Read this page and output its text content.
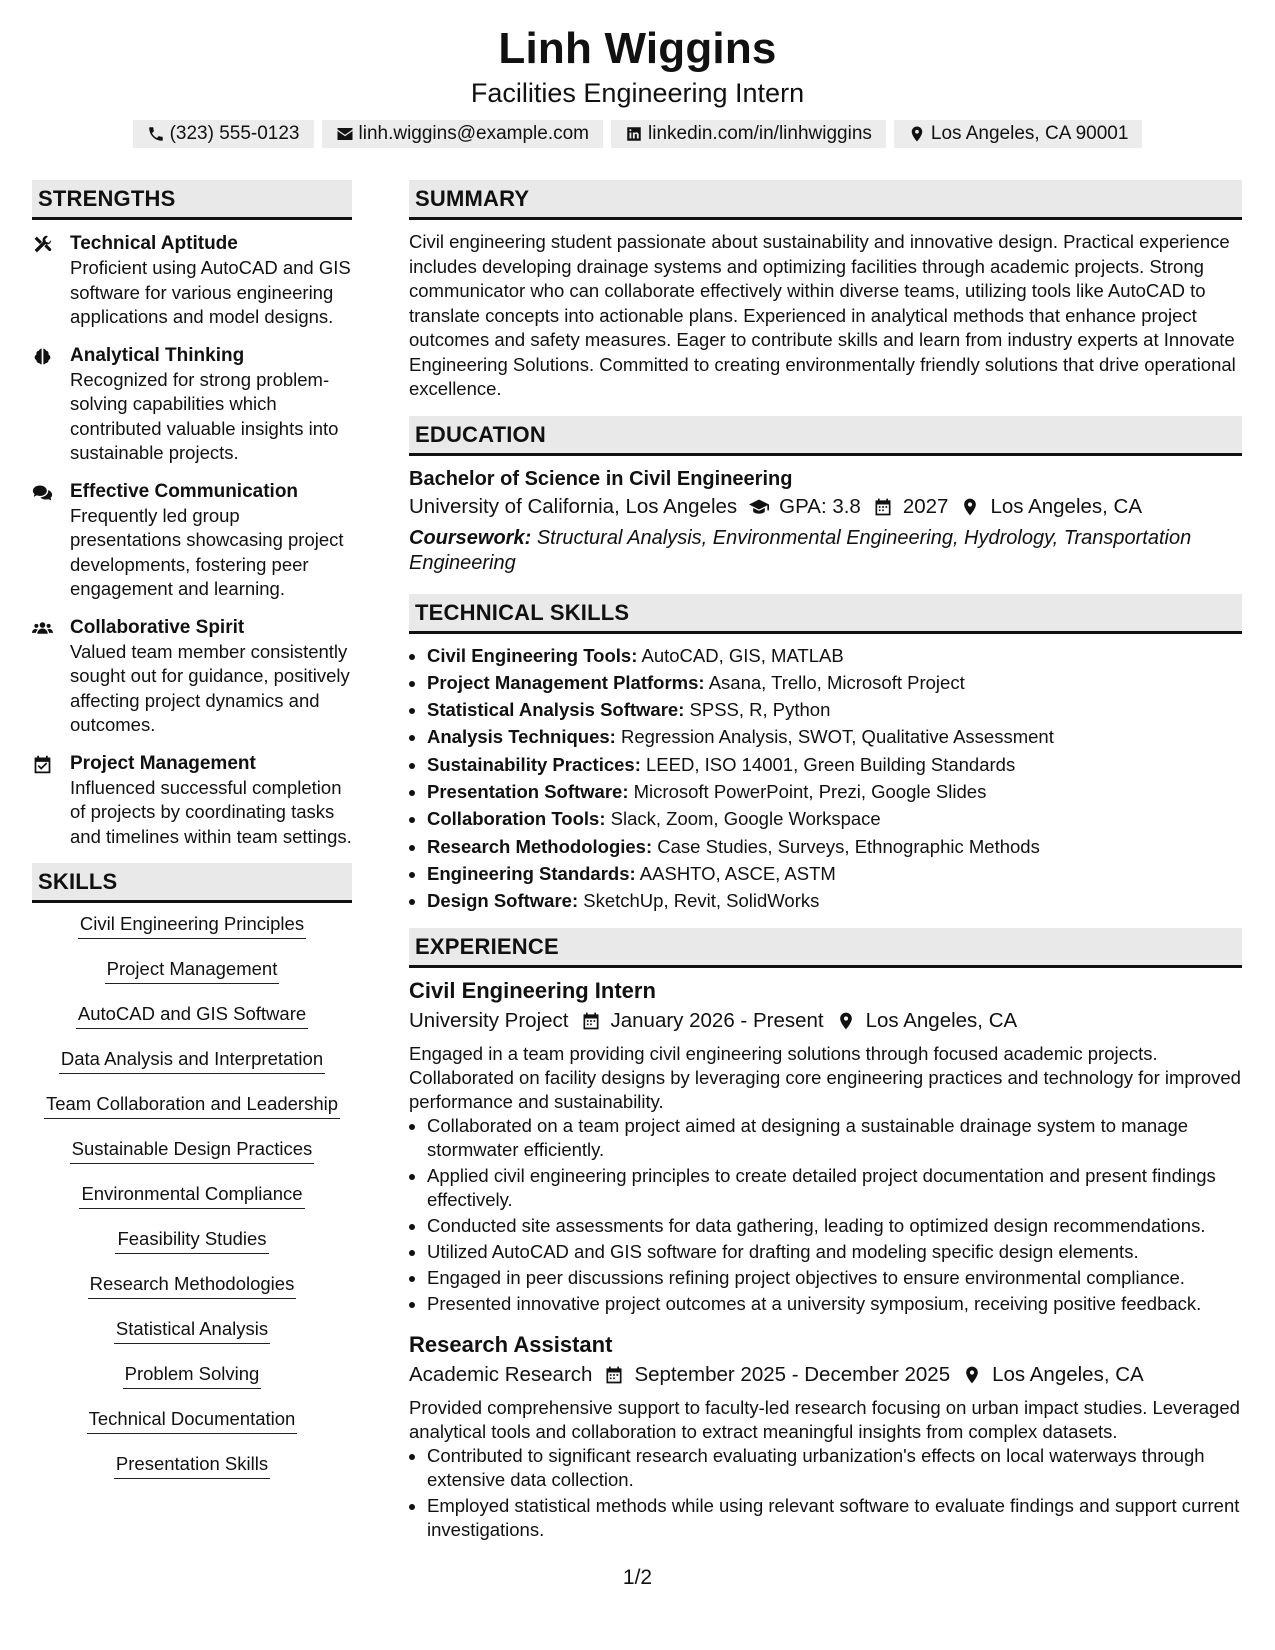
Linh Wiggins
Facilities Engineering Intern
(323) 555-0123	linh.wiggins@example.com	linkedin.com/in/linhwiggins	Los Angeles, CA 90001
STRENGTHS
Technical Aptitude
Proficient using AutoCAD and GIS software for various engineering applications and model designs.
Analytical Thinking
Recognized for strong problem-solving capabilities which contributed valuable insights into sustainable projects.
Effective Communication
Frequently led group presentations showcasing project developments, fostering peer engagement and learning.
Collaborative Spirit
Valued team member consistently sought out for guidance, positively affecting project dynamics and outcomes.
Project Management
Influenced successful completion of projects by coordinating tasks and timelines within team settings.
SKILLS
Civil Engineering Principles
Project Management
AutoCAD and GIS Software
Data Analysis and Interpretation
Team Collaboration and Leadership
Sustainable Design Practices
Environmental Compliance
Feasibility Studies
Research Methodologies
Statistical Analysis
Problem Solving
Technical Documentation
Presentation Skills
SUMMARY

Civil engineering student passionate about sustainability and innovative design. Practical experience includes developing drainage systems and optimizing facilities through academic projects. Strong communicator who can collaborate effectively within diverse teams, utilizing tools like AutoCAD to translate concepts into actionable plans. Experienced in analytical methods that enhance project outcomes and safety measures. Eager to contribute skills and learn from industry experts at Innovate Engineering Solutions. Committed to creating environmentally friendly solutions that drive operational excellence.

EDUCATION
Bachelor of Science in Civil Engineering
University of California, Los Angeles GPA: 3.8 2027 Los Angeles, CA
Coursework: Structural Analysis, Environmental Engineering, Hydrology, Transportation Engineering
TECHNICAL SKILLS
• Civil Engineering Tools: AutoCAD, GIS, MATLAB
• Project Management Platforms: Asana, Trello, Microsoft Project
• Statistical Analysis Software: SPSS, R, Python
• Analysis Techniques: Regression Analysis, SWOT, Qualitative Assessment
• Sustainability Practices: LEED, ISO 14001, Green Building Standards
• Presentation Software: Microsoft PowerPoint, Prezi, Google Slides
• Collaboration Tools: Slack, Zoom, Google Workspace
• Research Methodologies: Case Studies, Surveys, Ethnographic Methods
• Engineering Standards: AASHTO, ASCE, ASTM
• Design Software: SketchUp, Revit, SolidWorks
EXPERIENCE
Civil Engineering Intern
University Project January 2026 - Present Los Angeles, CA

Engaged in a team providing civil engineering solutions through focused academic projects. Collaborated on facility designs by leveraging core engineering practices and technology for improved performance and sustainability.

• Collaborated on a team project aimed at designing a sustainable drainage system to manage stormwater efficiently.
• Applied civil engineering principles to create detailed project documentation and present findings effectively.
• Conducted site assessments for data gathering, leading to optimized design recommendations.
• Utilized AutoCAD and GIS software for drafting and modeling specific design elements.
• Engaged in peer discussions refining project objectives to ensure environmental compliance.
• Presented innovative project outcomes at a university symposium, receiving positive feedback.
Research Assistant
Academic Research September 2025 - December 2025 Los Angeles, CA

Provided comprehensive support to faculty-led research focusing on urban impact studies. Leveraged analytical tools and collaboration to extract meaningful insights from complex datasets.

• Contributed to significant research evaluating urbanization's effects on local waterways through extensive data collection.
• Employed statistical methods while using relevant software to evaluate findings and support current investigations.
1/2
